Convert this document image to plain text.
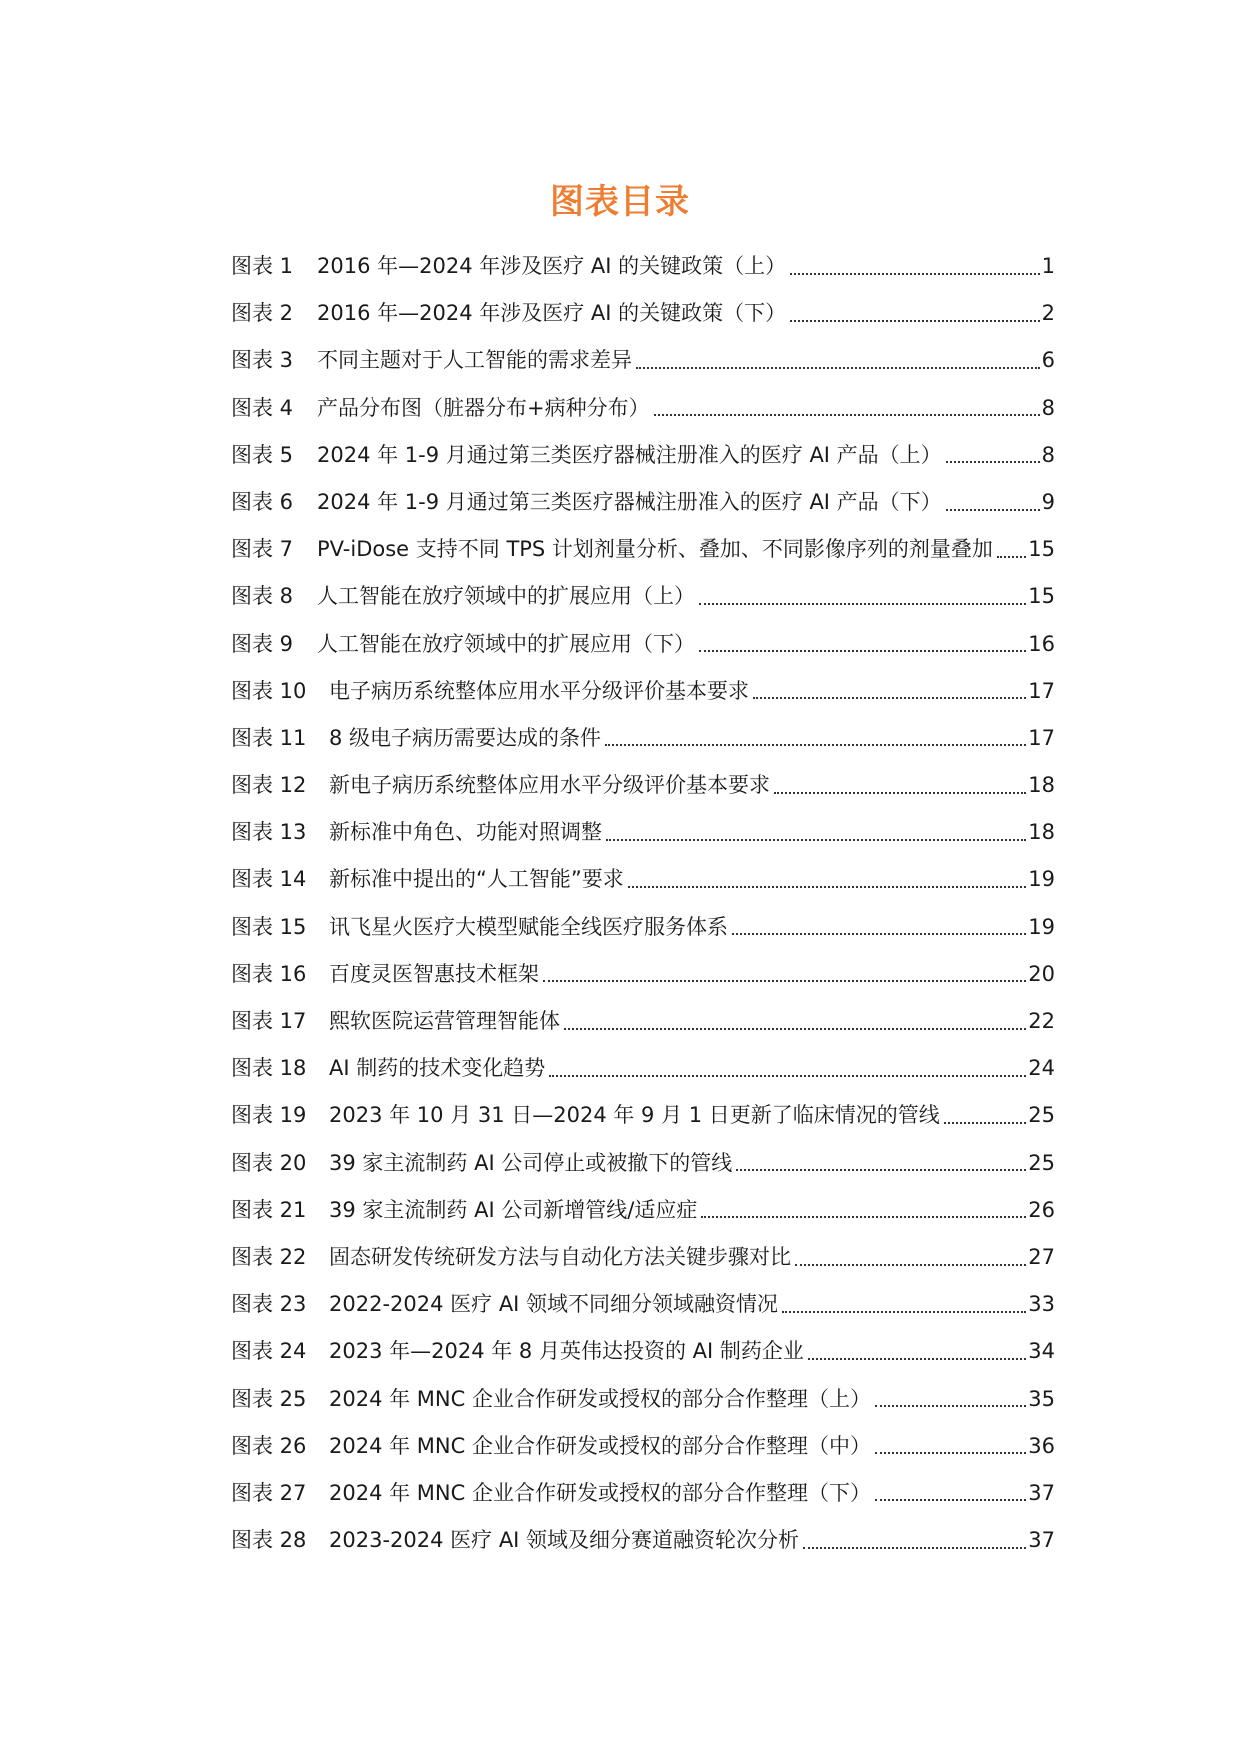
图表目录
图表 1	2016 年—2024 年涉及医疗 AI 的关键政策（上）	1
图表 2	2016 年—2024 年涉及医疗 AI 的关键政策（下）	2
图表 3	不同主题对于人工智能的需求差异	6
图表 4	产品分布图（脏器分布+病种分布）	8
图表 5	2024 年 1-9 月通过第三类医疗器械注册准入的医疗 AI 产品（上）	8
图表 6	2024 年 1-9 月通过第三类医疗器械注册准入的医疗 AI 产品（下）	9
图表 7	PV-iDose 支持不同 TPS 计划剂量分析、叠加、不同影像序列的剂量叠加 15
图表 8	人工智能在放疗领域中的扩展应用（上）	15
图表 9	人工智能在放疗领域中的扩展应用（下）	16
图表 10	电子病历系统整体应用水平分级评价基本要求	17
图表 11	8 级电子病历需要达成的条件	17
图表 12	新电子病历系统整体应用水平分级评价基本要求	18
图表 13	新标准中角色、功能对照调整	18
图表 14	新标准中提出的“人工智能”要求	19
图表 15	讯飞星火医疗大模型赋能全线医疗服务体系	19
图表 16	百度灵医智惠技术框架	20
图表 17	熙软医院运营管理智能体	22
图表 18	AI 制药的技术变化趋势	24
图表 19	2023 年 10 月 31 日—2024 年 9 月 1 日更新了临床情况的管线	25
图表 20	39 家主流制药 AI 公司停止或被撤下的管线	25
图表 21	39 家主流制药 AI 公司新增管线/适应症	26
图表 22	固态研发传统研发方法与自动化方法关键步骤对比	27
图表 23	2022-2024 医疗 AI 领域不同细分领域融资情况	33
图表 24	2023 年—2024 年 8 月英伟达投资的 AI 制药企业	34
图表 25	2024 年 MNC 企业合作研发或授权的部分合作整理（上）	35
图表 26	2024 年 MNC 企业合作研发或授权的部分合作整理（中）	36
图表 27	2024 年 MNC 企业合作研发或授权的部分合作整理（下）	37
图表 28	2023-2024 医疗 AI 领域及细分赛道融资轮次分析	37
